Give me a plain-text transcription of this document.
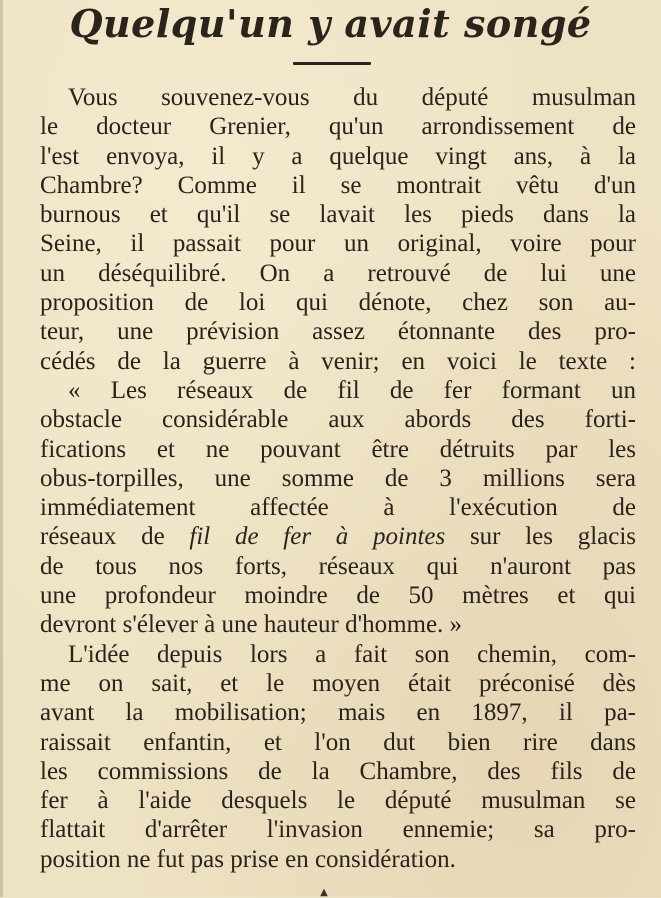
Quelqu'un y avait songé
Vous souvenez-vous du député musulman
le docteur Grenier, qu'un arrondissement de
l'est envoya, il y a quelque vingt ans, à la
Chambre? Comme il se montrait vêtu d'un
burnous et qu'il se lavait les pieds dans la
Seine, il passait pour un original, voire pour
un déséquilibré. On a retrouvé de lui une
proposition de loi qui dénote, chez son au-
teur, une prévision assez étonnante des pro-
cédés de la guerre à venir; en voici le texte :
« Les réseaux de fil de fer formant un
obstacle considérable aux abords des forti-
fications et ne pouvant être détruits par les
obus-torpilles, une somme de 3 millions sera
immédiatement affectée à l'exécution de
réseaux de fil de fer à pointes sur les glacis
de tous nos forts, réseaux qui n'auront pas
une profondeur moindre de 50 mètres et qui
devront s'élever à une hauteur d'homme. »
L'idée depuis lors a fait son chemin, com-
me on sait, et le moyen était préconisé dès
avant la mobilisation; mais en 1897, il pa-
raissait enfantin, et l'on dut bien rire dans
les commissions de la Chambre, des fils de
fer à l'aide desquels le député musulman se
flattait d'arrêter l'invasion ennemie; sa pro-
position ne fut pas prise en considération.
▲
